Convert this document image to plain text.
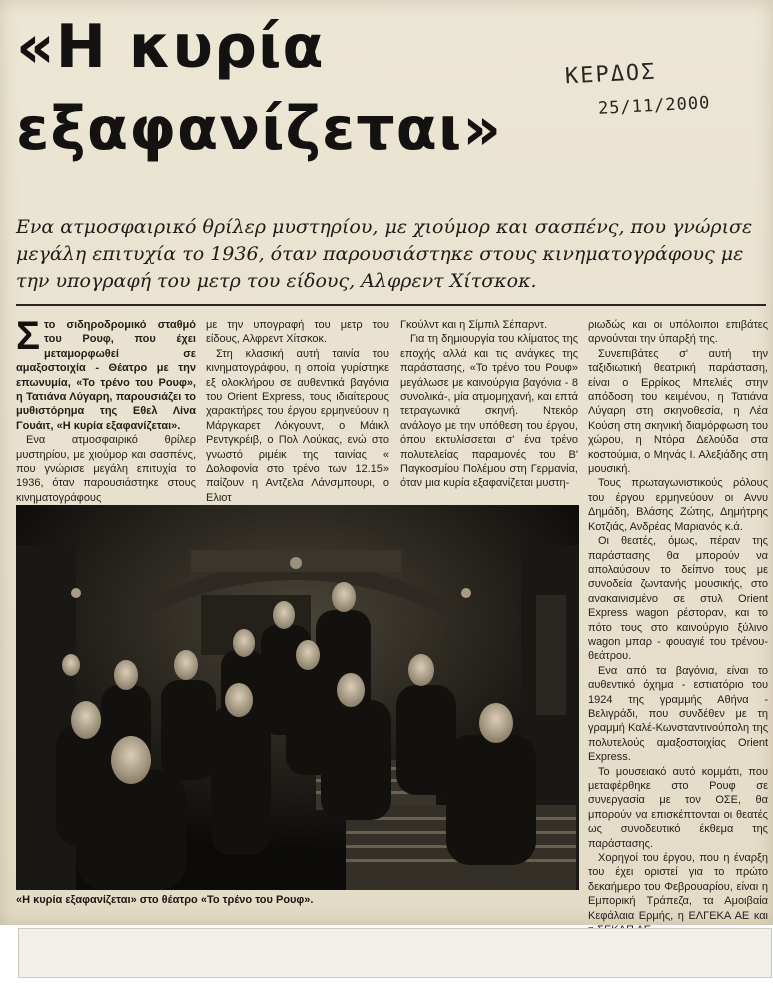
«Η κυρία
εξαφανίζεται»
ΚΕΡΔΟΣ
25/11/2000

Ενα ατμοσφαιρικό θρίλερ μυστηρίου, με χιούμορ και σασπένς, που γνώρισε μεγάλη επιτυχία το 1936, όταν παρουσιάστηκε στους κινηματογράφους με την υπογραφή του μετρ του είδους, Αλφρεντ Χίτσκοκ.

Στο σιδηροδρομικό σταθμό του Ρουφ, που έχει μεταμορφωθεί σε αμαξοστοιχία - Θέατρο με την επωνυμία, «Το τρένο του Ρουφ», η Τατιάνα Λύγαρη, παρουσιάζει το μυθιστόρημα της Εθελ Λίνα Γουάιτ, «Η κυρία εξαφανίζεται».

Ενα ατμοσφαιρικό θρίλερ μυστηρίου, με χιούμορ και σασπένς, που γνώρισε μεγάλη επιτυχία το 1936, όταν παρουσιάστηκε στους κινηματογράφους

με την υπογραφή του μετρ του είδους, Αλφρεντ Χίτσκοκ.

Στη κλασική αυτή ταινία του κινηματογράφου, η οποία γυρίστηκε εξ ολοκλήρου σε αυθεντικά βαγόνια του Orient Express, τους ιδιαίτερους χαρακτήρες του έργου ερμηνεύουν η Μάργκαρετ Λόκγουντ, ο Μάικλ Ρεντγκρέιβ, ο Πολ Λούκας, ενώ στο γνωστό ριμέικ της ταινίας « Δολοφονία στο τρένο των 12.15» παίζουν η Αντζελα Λάνσμπουρι, ο Ελιοτ

Γκούλντ και η Σίμπιλ Σέπαρντ.

Για τη δημιουργία του κλίματος της εποχής αλλά και τις ανάγκες της παράστασης, «Το τρένο του Ρουφ» μεγάλωσε με καινούργια βαγόνια - 8 συνολικά-, μία ατμομηχανή, και επτά τετραγωνικά σκηνή. Ντεκόρ ανάλογο με την υπόθεση του έργου, όπου εκτυλίσσεται σ' ένα τρένο πολυτελείας παραμονές του Β' Παγκοσμίου Πολέμου στη Γερμανία, όταν μια κυρία εξαφανίζεται μυστη-

ριωδώς και οι υπόλοιποι επιβάτες αρνούνται την ύπαρξή της.

Συνεπιβάτες σ' αυτή την ταξιδιωτική θεατρική παράσταση, είναι ο Ερρίκος Μπελιές στην απόδοση του κειμένου, η Τατιάνα Λύγαρη στη σκηνοθεσία, η Λέα Κούση στη σκηνική διαμόρφωση του χώρου, η Ντόρα Δελούδα στα κοστούμια, ο Μηνάς Ι. Αλεξιάδης στη μουσική.

Τους πρωταγωνιστικούς ρόλους του έργου ερμηνεύουν οι Αννυ Δημάδη, Βλάσης Ζώτης, Δημήτρης Κοτζιάς, Ανδρέας Μαριανός κ.ά.

Οι θεατές, όμως, πέραν της παράστασης θα μπορούν να απολαύσουν το δείπνο τους με συνοδεία ζωντανής μουσικής, στο ανακαινισμένο σε στυλ Orient Express wagon ρέστοραν, και το πότο τους στο καινούργιο ξύλινο wagon μπαρ - φουαγιέ του τρένου-θεάτρου.

Ενα από τα βαγόνια, είναι το αυθεντικό όχημα - εστιατόριο του 1924 της γραμμής Αθήνα - Βελιγράδι, που συνδέθεν με τη γραμμή Καλέ-Κωνσταντινούπολη της πολυτελούς αμαξοστοιχίας Orient Express.

Το μουσειακό αυτό κομμάτι, που μεταφέρθηκε στο Ρουφ σε συνεργασία με τον ΟΣΕ, θα μπορούν να επισκέπτονται οι θεατές ως συνοδευτικό έκθεμα της παράστασης.

Χορηγοί του έργου, που η έναρξη του έχει οριστεί για το πρώτο δεκαήμερο του Φεβρουαρίου, είναι η Εμπορική Τράπεζα, τα Αμοιβαία Κεφάλαια Ερμής, η ΕΛΓΕΚΑ ΑΕ και

«Η κυρία εξαφανίζεται» στο θέατρο «Το τρένο του Ρουφ».
